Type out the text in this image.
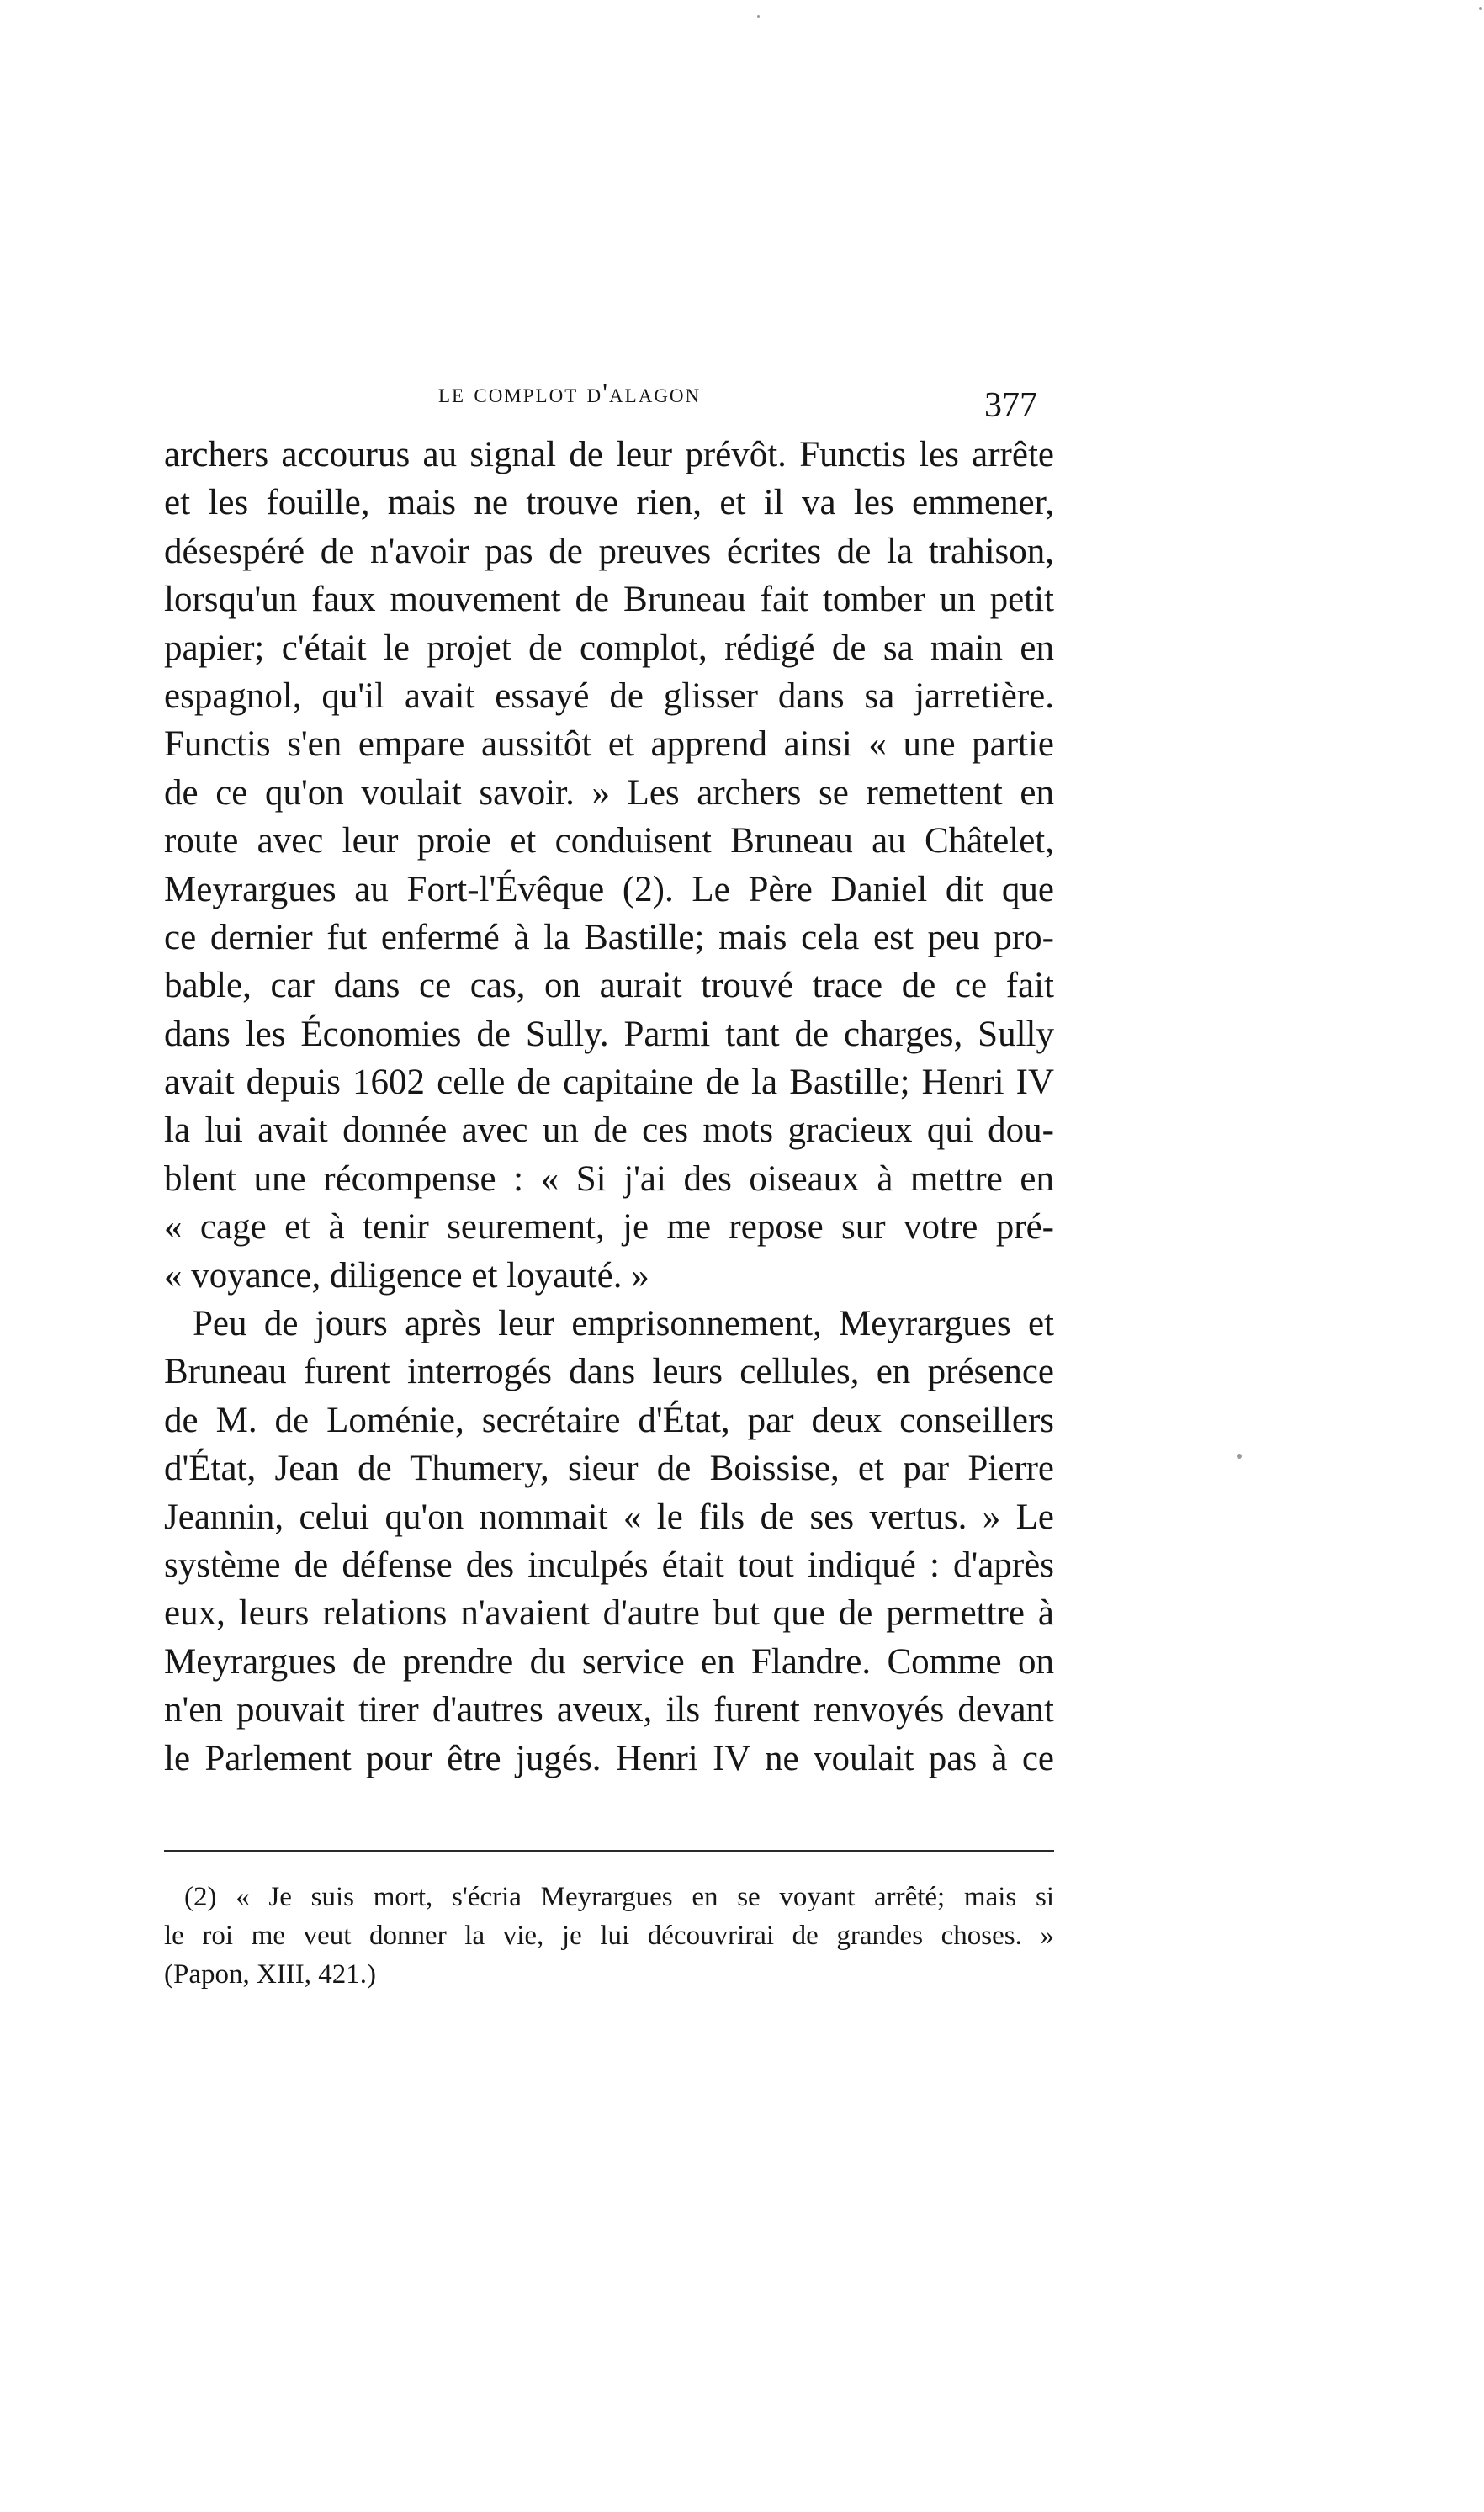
le complot d'alagon	377
archers accourus au signal de leur prévôt. Functis les arrête
et les fouille, mais ne trouve rien, et il va les emmener,
désespéré de n'avoir pas de preuves écrites de la trahison,
lorsqu'un faux mouvement de Bruneau fait tomber un petit
papier; c'était le projet de complot, rédigé de sa main en
espagnol, qu'il avait essayé de glisser dans sa jarretière.
Functis s'en empare aussitôt et apprend ainsi « une partie
de ce qu'on voulait savoir. » Les archers se remettent en
route avec leur proie et conduisent Bruneau au Châtelet,
Meyrargues au Fort-l'Évêque (2). Le Père Daniel dit que
ce dernier fut enfermé à la Bastille; mais cela est peu pro-
bable, car dans ce cas, on aurait trouvé trace de ce fait
dans les Économies de Sully. Parmi tant de charges, Sully
avait depuis 1602 celle de capitaine de la Bastille; Henri IV
la lui avait donnée avec un de ces mots gracieux qui dou-
blent une récompense : « Si j'ai des oiseaux à mettre en
« cage et à tenir seurement, je me repose sur votre pré-
« voyance, diligence et loyauté. »
Peu de jours après leur emprisonnement, Meyrargues et
Bruneau furent interrogés dans leurs cellules, en présence
de M. de Loménie, secrétaire d'État, par deux conseillers
d'État, Jean de Thumery, sieur de Boissise, et par Pierre
Jeannin, celui qu'on nommait « le fils de ses vertus. » Le
système de défense des inculpés était tout indiqué : d'après
eux, leurs relations n'avaient d'autre but que de permettre à
Meyrargues de prendre du service en Flandre. Comme on
n'en pouvait tirer d'autres aveux, ils furent renvoyés devant
le Parlement pour être jugés. Henri IV ne voulait pas à ce
(2) « Je suis mort, s'écria Meyrargues en se voyant arrêté; mais si
le roi me veut donner la vie, je lui découvrirai de grandes choses. »
(Papon, XIII, 421.)
